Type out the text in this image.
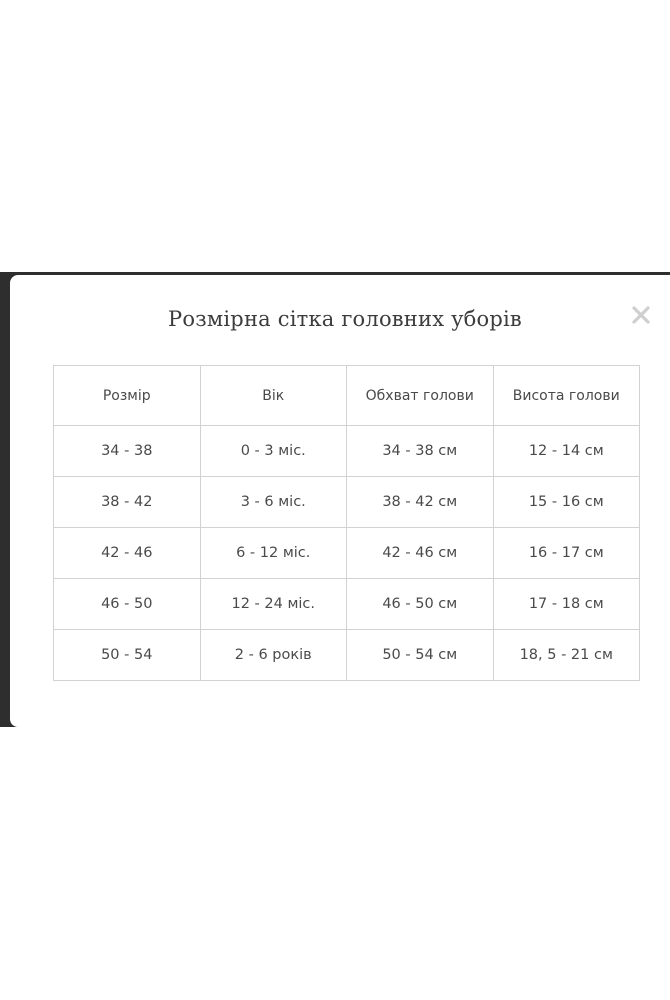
Розмірна сітка головних уборів
Розмір	Вік	Обхват голови	Висота голови
34 - 38	0 - 3 міс.	34 - 38 см	12 - 14 см
38 - 42	3 - 6 міс.	38 - 42 см	15 - 16 см
42 - 46	6 - 12 міс.	42 - 46 см	16 - 17 см
46 - 50	12 - 24 міс.	46 - 50 см	17 - 18 см
50 - 54	2 - 6 років	50 - 54 см	18, 5 - 21 см
